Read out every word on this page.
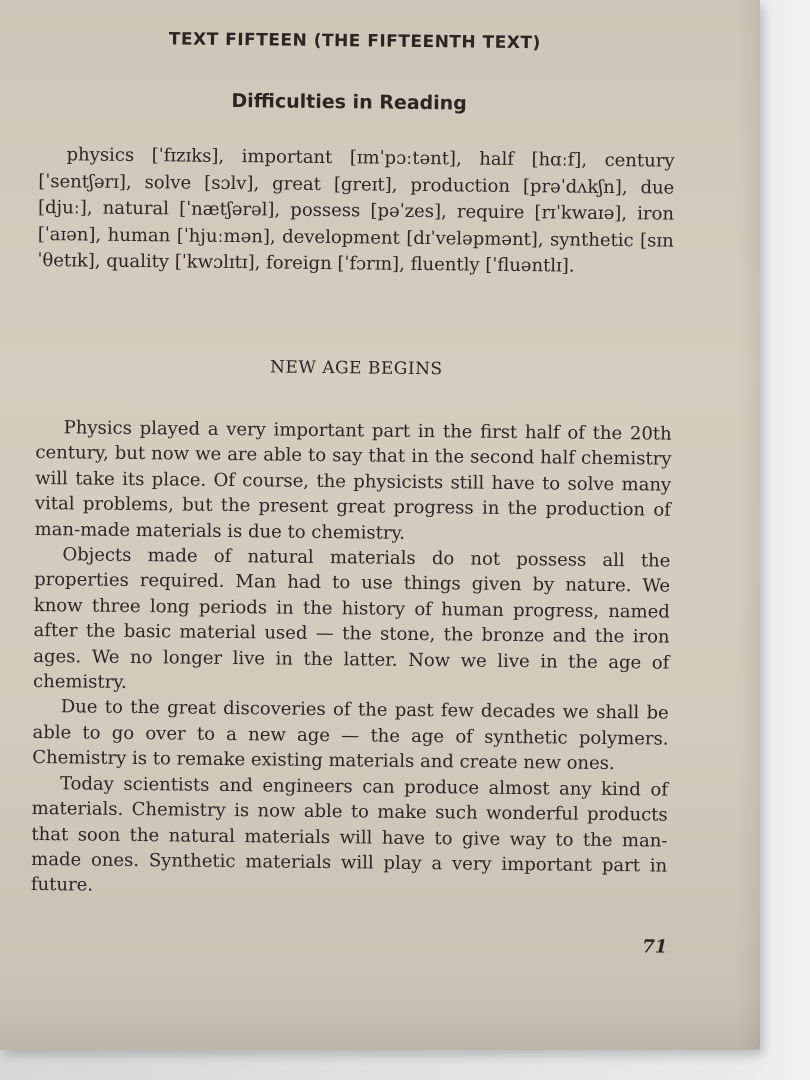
TEXT FIFTEEN (THE FIFTEENTH TEXT)
Difficulties in Reading

physics [ˈfɪzɪks], important [ɪmˈpɔːtənt], half [hɑːf], century [ˈsentʃərɪ], solve [sɔlv], great [greɪt], production [prəˈdʌkʃn], due [djuː], natural [ˈnætʃərəl], possess [pəˈzes], require [rɪˈkwaɪə], iron [ˈaɪən], human [ˈhjuːmən], development [dɪˈveləpmənt], synthetic [sɪnˈθetɪk], quality [ˈkwɔlɪtɪ], foreign [ˈfɔrɪn], fluently [ˈfluəntlɪ].

NEW AGE BEGINS

Physics played a very important part in the first half of the 20th century, but now we are able to say that in the second half chemistry will take its place. Of course, the physicists still have to solve many vital problems, but the present great progress in the production of man-made materials is due to chemistry.

Objects made of natural materials do not possess all the properties required. Man had to use things given by nature. We know three long periods in the history of human progress, named after the basic material used — the stone, the bronze and the iron ages. We no longer live in the latter. Now we live in the age of chemistry.

Due to the great discoveries of the past few decades we shall be able to go over to a new age — the age of synthetic polymers. Chemistry is to remake existing materials and create new ones.

Today scientists and engineers can produce almost any kind of materials. Chemistry is now able to make such wonderful products that soon the natural materials will have to give way to the man-made ones. Synthetic materials will play a very important part in future.

71
